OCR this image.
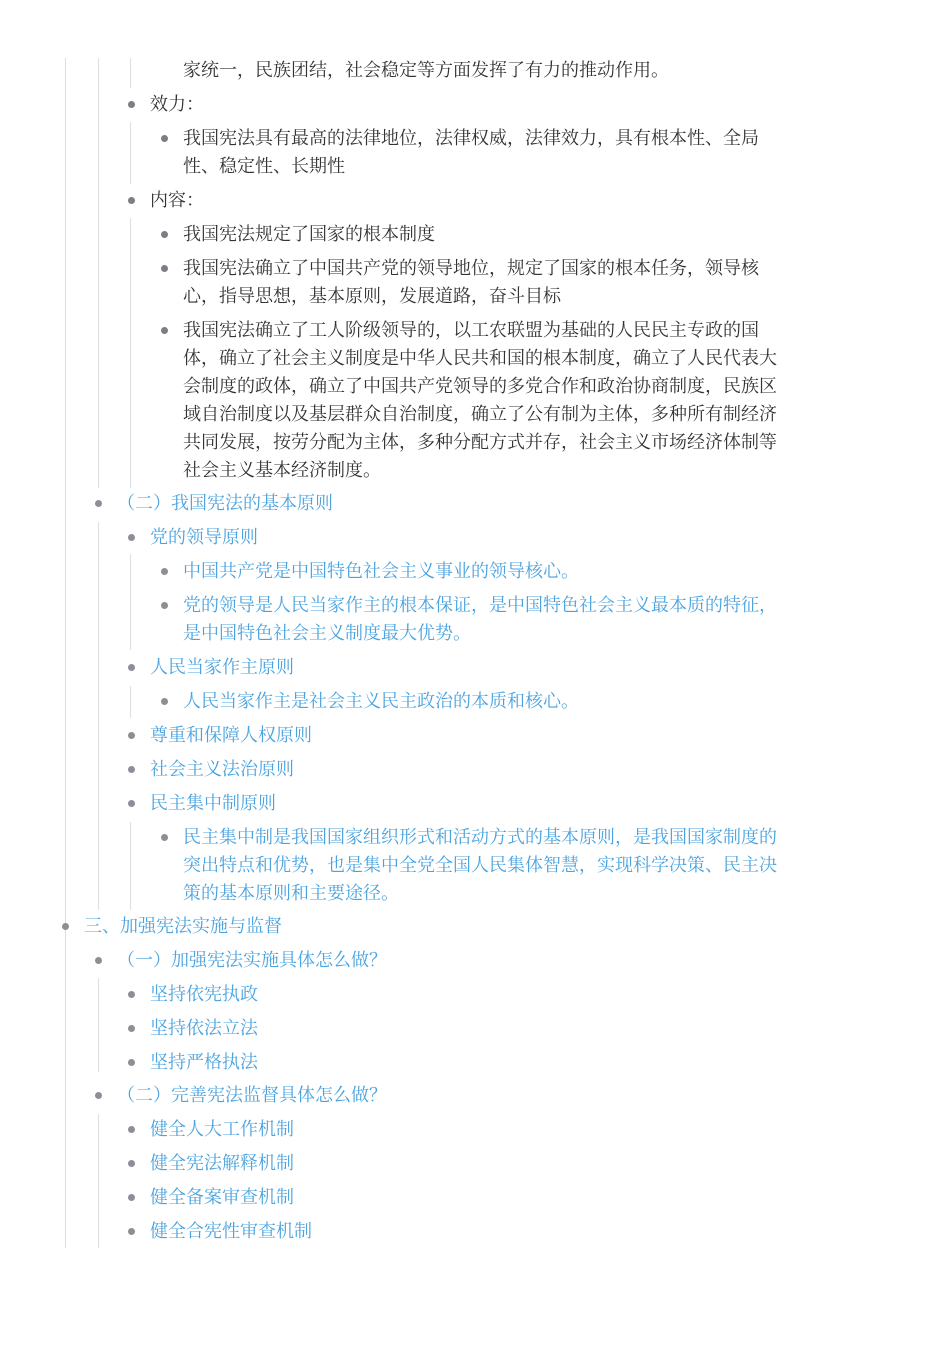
家统一，民族团结，社会稳定等方面发挥了有力的推动作用。
效力：
我国宪法具有最高的法律地位，法律权威，法律效力，具有根本性、全局
性、稳定性、长期性
内容：
我国宪法规定了国家的根本制度
我国宪法确立了中国共产党的领导地位，规定了国家的根本任务，领导核
心，指导思想，基本原则，发展道路，奋斗目标
我国宪法确立了工人阶级领导的，以工农联盟为基础的人民民主专政的国
体，确立了社会主义制度是中华人民共和国的根本制度，确立了人民代表大
会制度的政体，确立了中国共产党领导的多党合作和政治协商制度，民族区
域自治制度以及基层群众自治制度，确立了公有制为主体，多种所有制经济
共同发展，按劳分配为主体，多种分配方式并存，社会主义市场经济体制等
社会主义基本经济制度。
（二）我国宪法的基本原则
党的领导原则
中国共产党是中国特色社会主义事业的领导核心。
党的领导是人民当家作主的根本保证，是中国特色社会主义最本质的特征，
是中国特色社会主义制度最大优势。
人民当家作主原则
人民当家作主是社会主义民主政治的本质和核心。
尊重和保障人权原则
社会主义法治原则
民主集中制原则
民主集中制是我国国家组织形式和活动方式的基本原则，是我国国家制度的
突出特点和优势，也是集中全党全国人民集体智慧，实现科学决策、民主决
策的基本原则和主要途径。
三、加强宪法实施与监督
（一）加强宪法实施具体怎么做？
坚持依宪执政
坚持依法立法
坚持严格执法
（二）完善宪法监督具体怎么做？
健全人大工作机制
健全宪法解释机制
健全备案审查机制
健全合宪性审查机制
